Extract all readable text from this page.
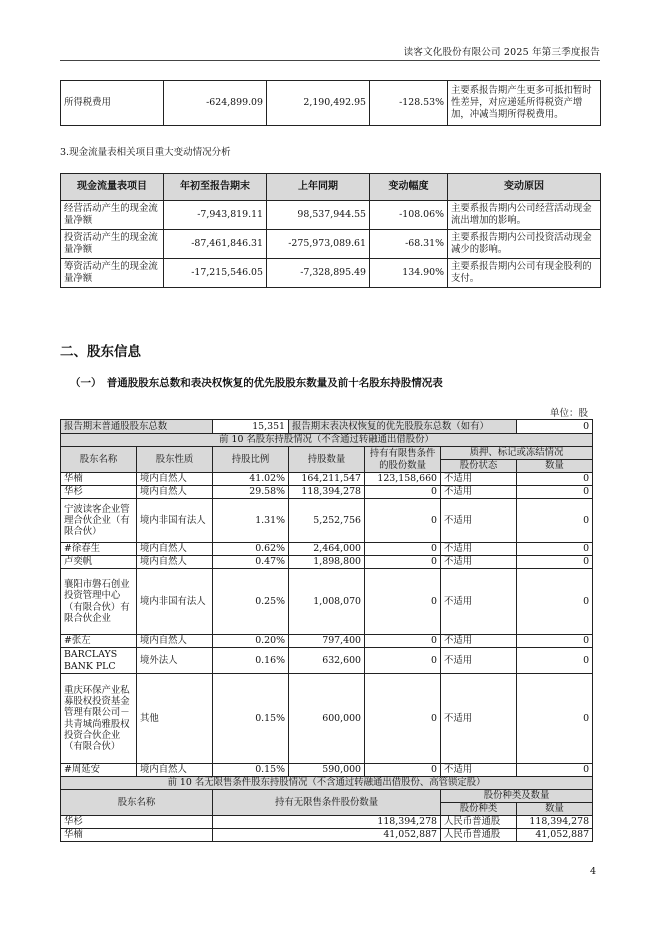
读客文化股份有限公司 2025 年第三季度报告
所得税费用	-624,899.09	2,190,492.95	-128.53%	主要系报告期产生更多可抵扣暂时性差异，对应递延所得税资产增加，冲减当期所得税费用。
3.现金流量表相关项目重大变动情况分析
现金流量表项目	年初至报告期末	上年同期	变动幅度	变动原因
经营活动产生的现金流量净额	-7,943,819.11	98,537,944.55	-108.06%	主要系报告期内公司经营活动现金流出增加的影响。
投资活动产生的现金流量净额	-87,461,846.31	-275,973,089.61	-68.31%	主要系报告期内公司投资活动现金减少的影响。
筹资活动产生的现金流量净额	-17,215,546.05	-7,328,895.49	134.90%	主要系报告期内公司有现金股利的支付。
二、股东信息
（一）　普通股股东总数和表决权恢复的优先股股东数量及前十名股东持股情况表
单位：股
报告期末普通股股东总数		15,351	报告期末表决权恢复的优先股股东总数（如有）			0
前 10 名股东持股情况（不含通过转融通出借股份）						
股东名称	股东性质	持股比例	持股数量	持有有限售条件的股份数量	质押、标记或冻结情况	
					股份状态	数量
华楠	境内自然人	41.02%	164,211,547	123,158,660	不适用	0
华杉	境内自然人	29.58%	118,394,278	0	不适用	0
宁波读客企业管理合伙企业（有限合伙）	境内非国有法人	1.31%	5,252,756	0	不适用	0
#徐春生	境内自然人	0.62%	2,464,000	0	不适用	0
卢奕帆	境内自然人	0.47%	1,898,800	0	不适用	0
襄阳市磐石创业投资管理中心（有限合伙）有限合伙企业	境内非国有法人	0.25%	1,008,070	0	不适用	0
#张左	境内自然人	0.20%	797,400	0	不适用	0
BARCLAYS BANK PLC	境外法人	0.16%	632,600	0	不适用	0
重庆环保产业私募股权投资基金管理有限公司－共青城尚雅股权投资合伙企业（有限合伙）	其他	0.15%	600,000	0	不适用	0
#周延安	境内自然人	0.15%	590,000	0	不适用	0
前 10 名无限售条件股东持股情况（不含通过转融通出借股份、高管锁定股）						
股东名称		持有无限售条件股份数量			股份种类及数量	
					股份种类	数量
华杉		118,394,278			人民币普通股	118,394,278
华楠		41,052,887			人民币普通股	41,052,887
4
